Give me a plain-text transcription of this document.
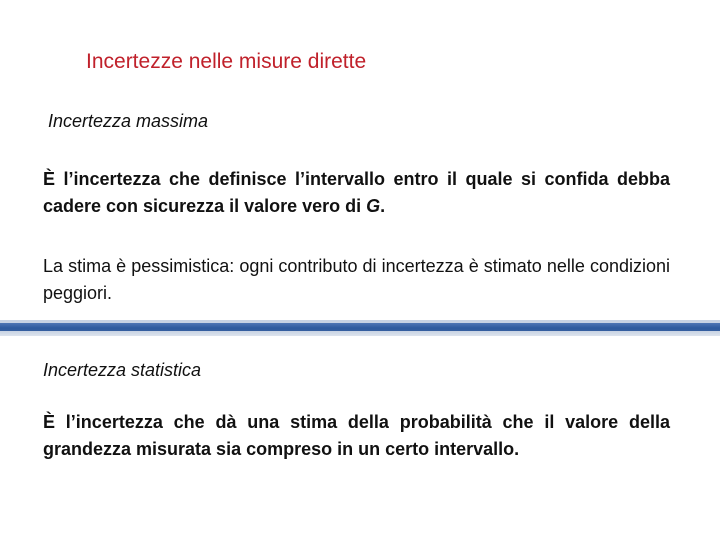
Incertezze nelle misure dirette
Incertezza massima
È l’incertezza che definisce l’intervallo entro il quale si confida debba cadere con sicurezza il valore vero di G.
La stima è pessimistica: ogni contributo di incertezza è stimato nelle condizioni peggiori.
Incertezza statistica
È l’incertezza che dà una stima della probabilità che il valore della grandezza misurata sia compreso in un certo intervallo.
